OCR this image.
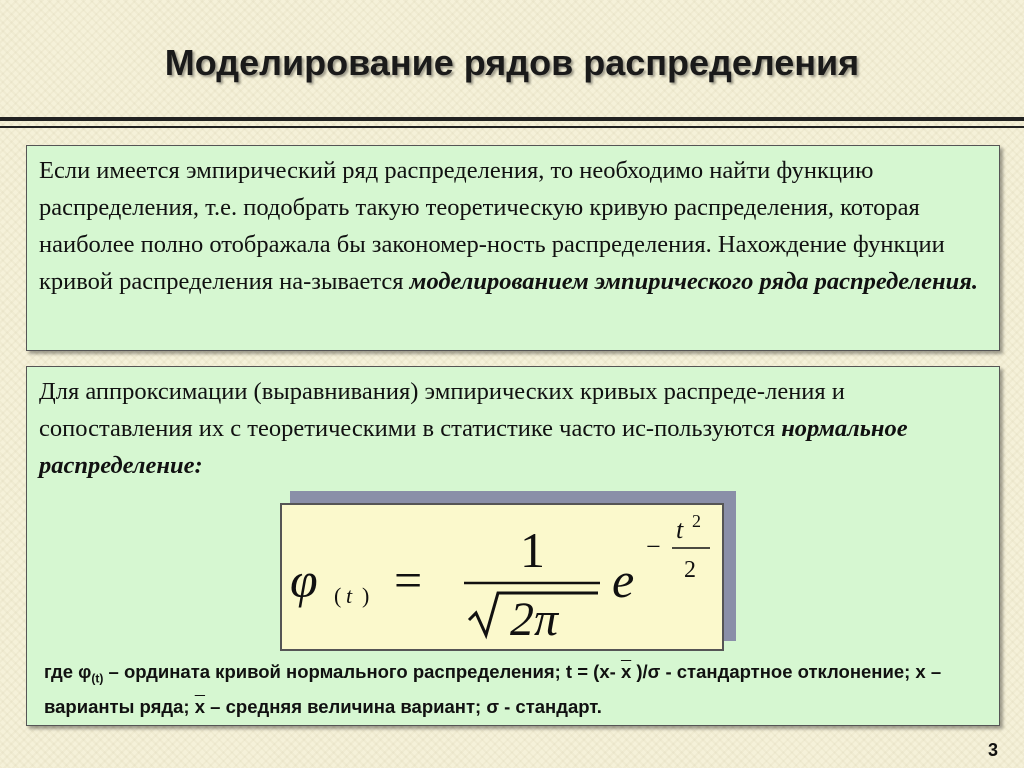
Моделирование рядов распределения
Если имеется эмпирический ряд распределения, то необходимо найти функцию распределения, т.е. подобрать такую теоретическую кривую распределения, которая наиболее полно отображала бы закономер-ность распределения. Нахождение функции кривой распределения на-зывается моделированием эмпирического ряда распределения.
Для аппроксимации (выравнивания) эмпирических кривых распреде-ления и сопоставления их с теоретическими в статистике часто ис-пользуются нормальное распределение:
φ ( t ) =
1
2π
e
−
t 2
2
где $\varphi_{(t)}$ – ордината кривой нормального распределения; t = (x- $\overline{x}$ )/σ - стандартное отклонение; x – варианты ряда; $\overline{x}$ – средняя величина вариант; σ - стандарт.
3
